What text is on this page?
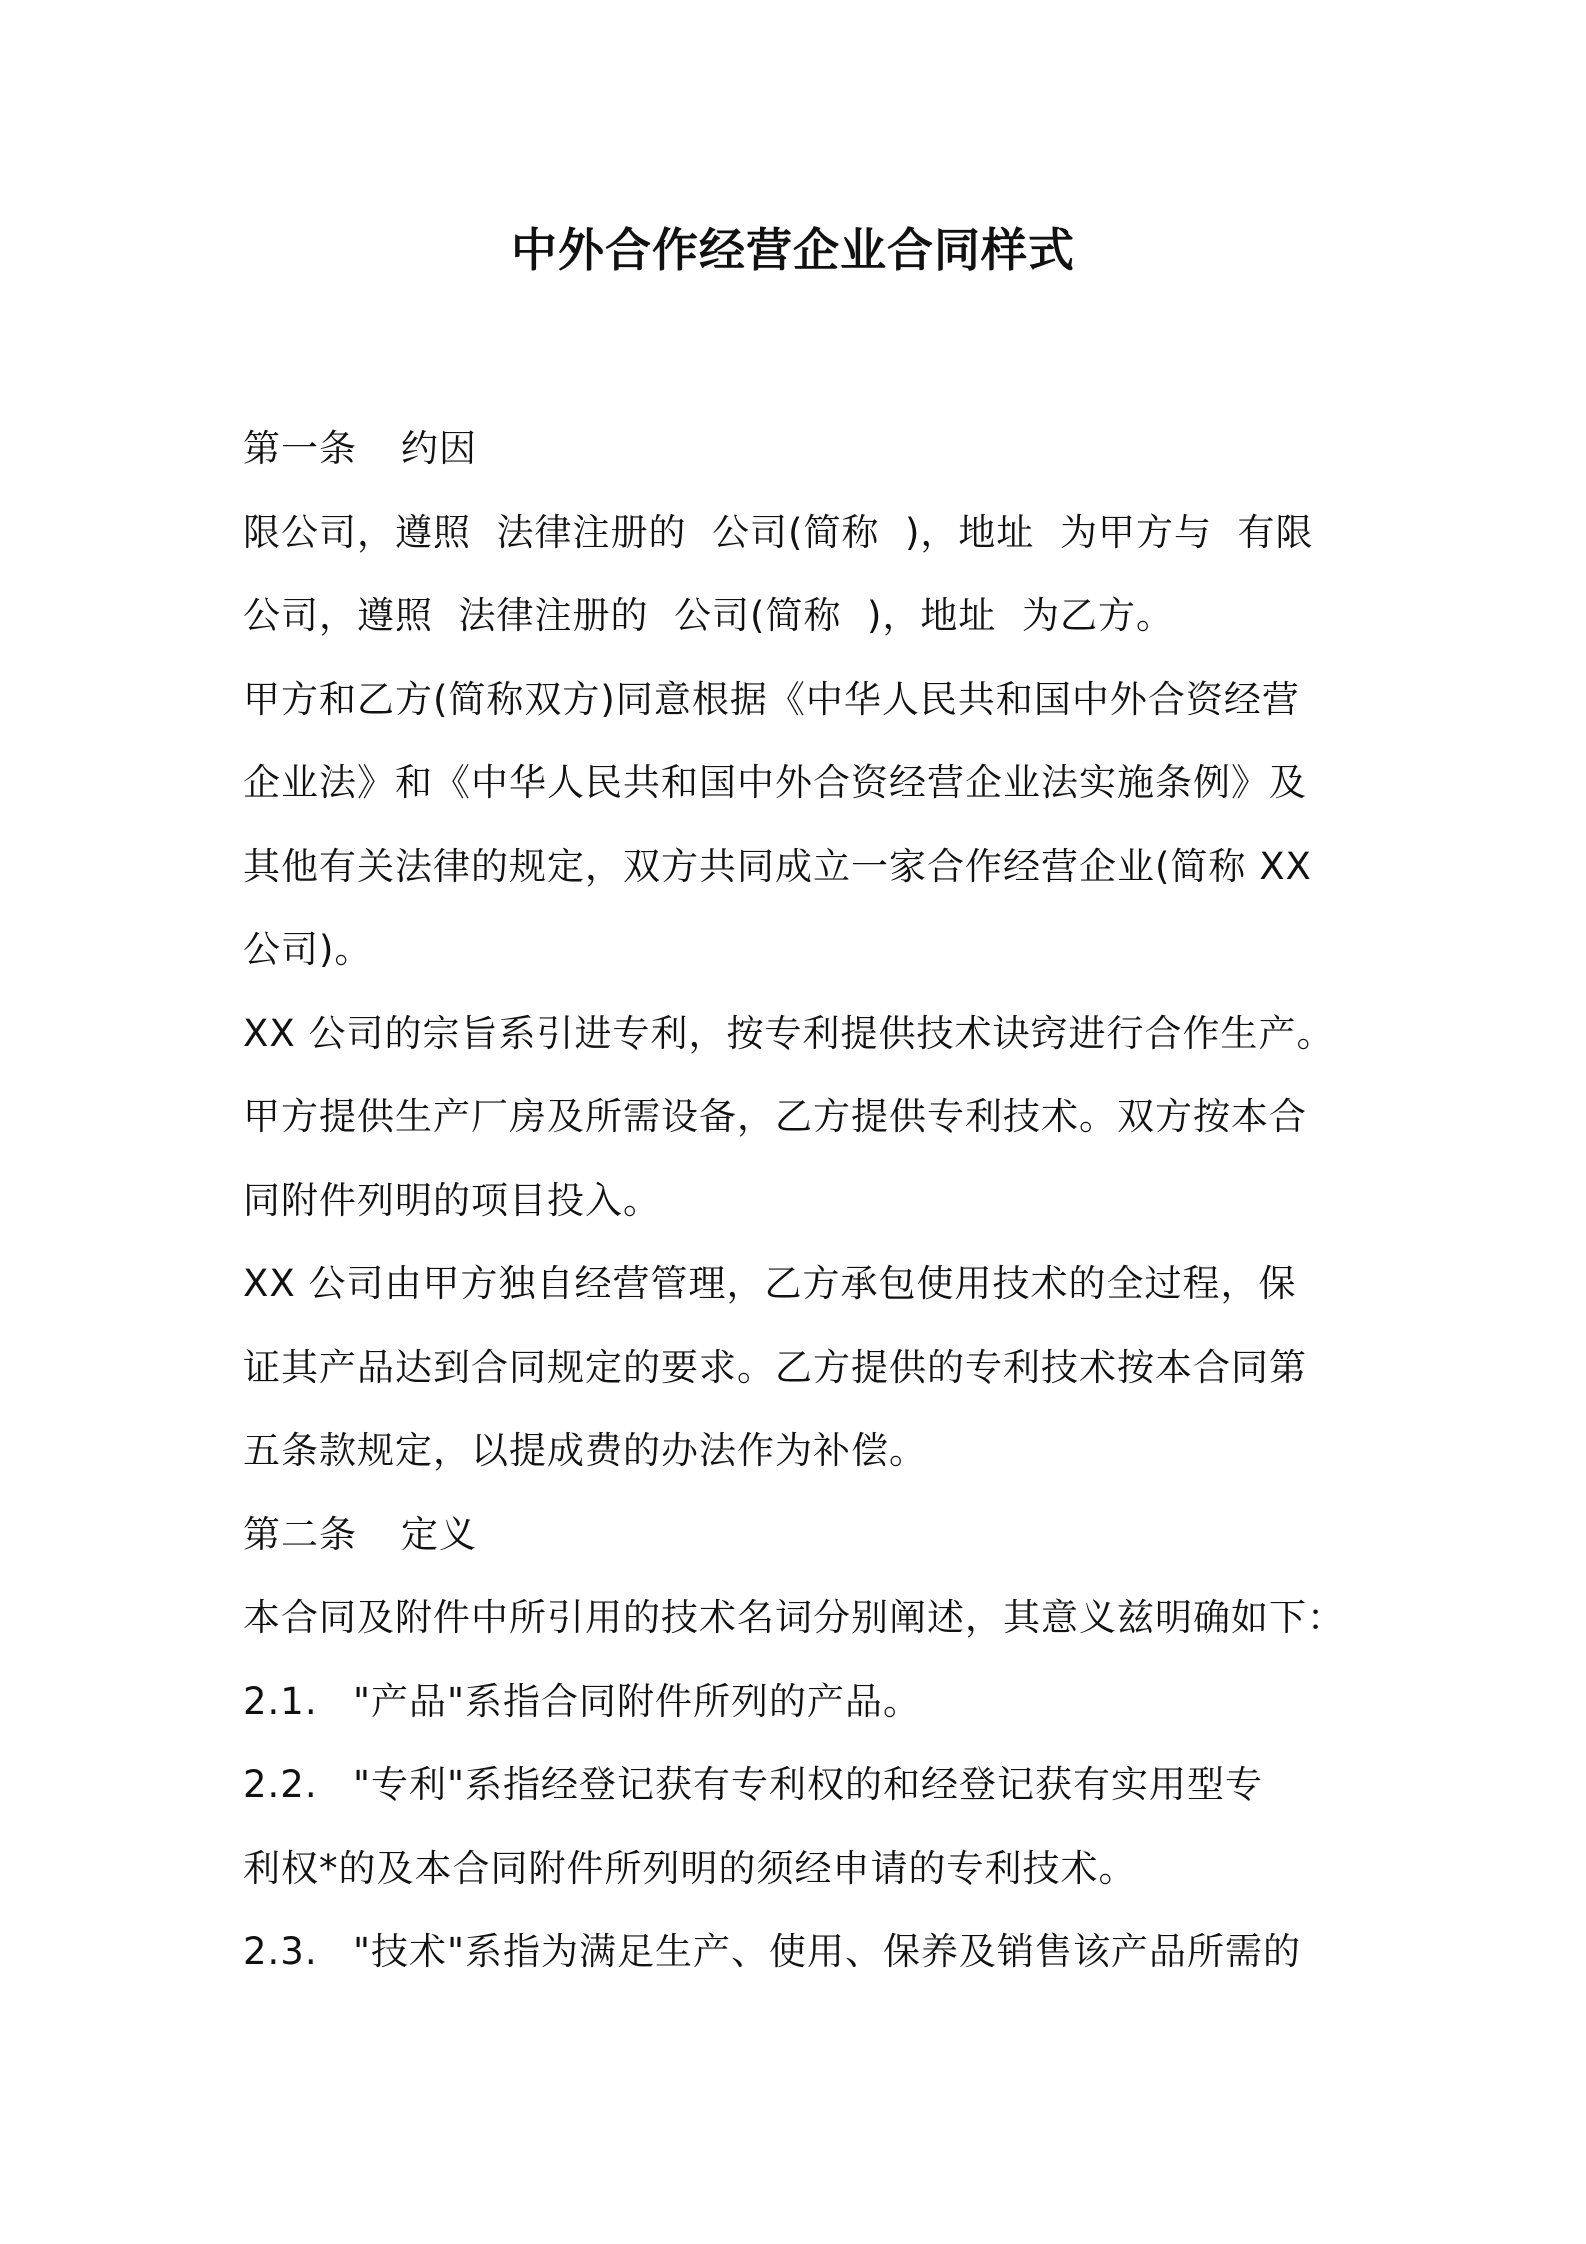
中外合作经营企业合同样式
第一条 约因
限公司，遵照  法律注册的  公司(简称  )，地址  为甲方与  有限
公司，遵照  法律注册的  公司(简称  )，地址  为乙方。
甲方和乙方(简称双方)同意根据《中华人民共和国中外合资经营
企业法》和《中华人民共和国中外合资经营企业法实施条例》及
其他有关法律的规定，双方共同成立一家合作经营企业(简称 XX
公司)。
XX 公司的宗旨系引进专利，按专利提供技术诀窍进行合作生产。
甲方提供生产厂房及所需设备，乙方提供专利技术。双方按本合
同附件列明的项目投入。
XX 公司由甲方独自经营管理，乙方承包使用技术的全过程，保
证其产品达到合同规定的要求。乙方提供的专利技术按本合同第
五条款规定，以提成费的办法作为补偿。
第二条 定义
本合同及附件中所引用的技术名词分别阐述，其意义兹明确如下：
2.1. "产品"系指合同附件所列的产品。
2.2. "专利"系指经登记获有专利权的和经登记获有实用型专
利权*的及本合同附件所列明的须经申请的专利技术。
2.3. "技术"系指为满足生产、使用、保养及销售该产品所需的
